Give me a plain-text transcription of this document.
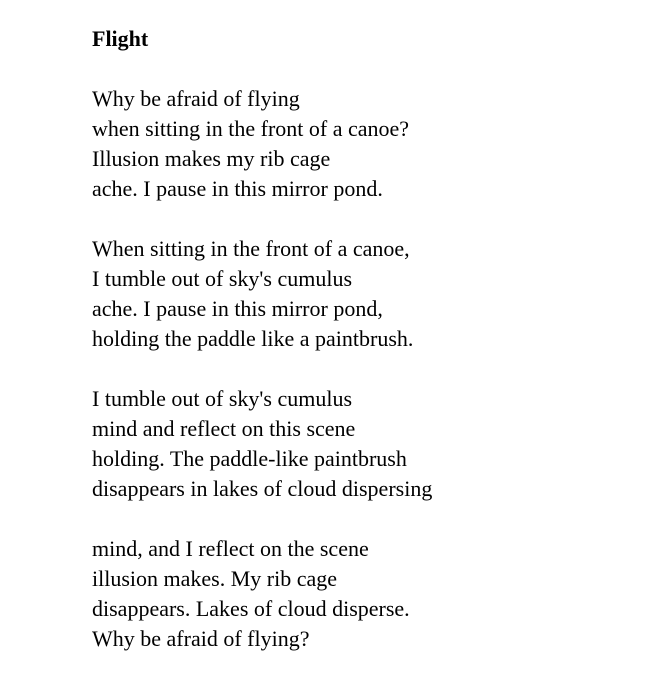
Flight
Why be afraid of flying
when sitting in the front of a canoe?
Illusion makes my rib cage
ache. I pause in this mirror pond.
When sitting in the front of a canoe,
I tumble out of sky's cumulus
ache. I pause in this mirror pond,
holding the paddle like a paintbrush.
I tumble out of sky's cumulus
mind and reflect on this scene
holding. The paddle-like paintbrush
disappears in lakes of cloud dispersing
mind, and I reflect on the scene
illusion makes. My rib cage
disappears. Lakes of cloud disperse.
Why be afraid of flying?
